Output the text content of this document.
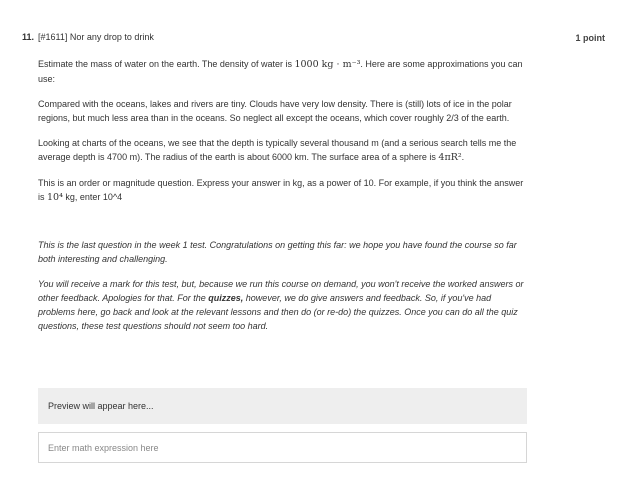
11. [#1611] Nor any drop to drink	1 point

Estimate the mass of water on the earth. The density of water is 1000 kg · m⁻³. Here are some approximations you can use:

Compared with the oceans, lakes and rivers are tiny. Clouds have very low density. There is (still) lots of ice in the polar regions, but much less area than in the oceans. So neglect all except the oceans, which cover roughly 2/3 of the earth.

Looking at charts of the oceans, we see that the depth is typically several thousand m (and a serious search tells me the average depth is 4700 m). The radius of the earth is about 6000 km. The surface area of a sphere is 4πR².

This is an order or magnitude question. Express your answer in kg, as a power of 10. For example, if you think the answer is 10⁴ kg, enter 10^4

This is the last question in the week 1 test. Congratulations on getting this far: we hope you have found the course so far both interesting and challenging.

You will receive a mark for this test, but, because we run this course on demand, you won't receive the worked answers or other feedback. Apologies for that. For the quizzes, however, we do give answers and feedback. So, if you've had problems here, go back and look at the relevant lessons and then do (or re-do) the quizzes. Once you can do all the quiz questions, these test questions should not seem too hard.

Preview will appear here...
Enter math expression here
